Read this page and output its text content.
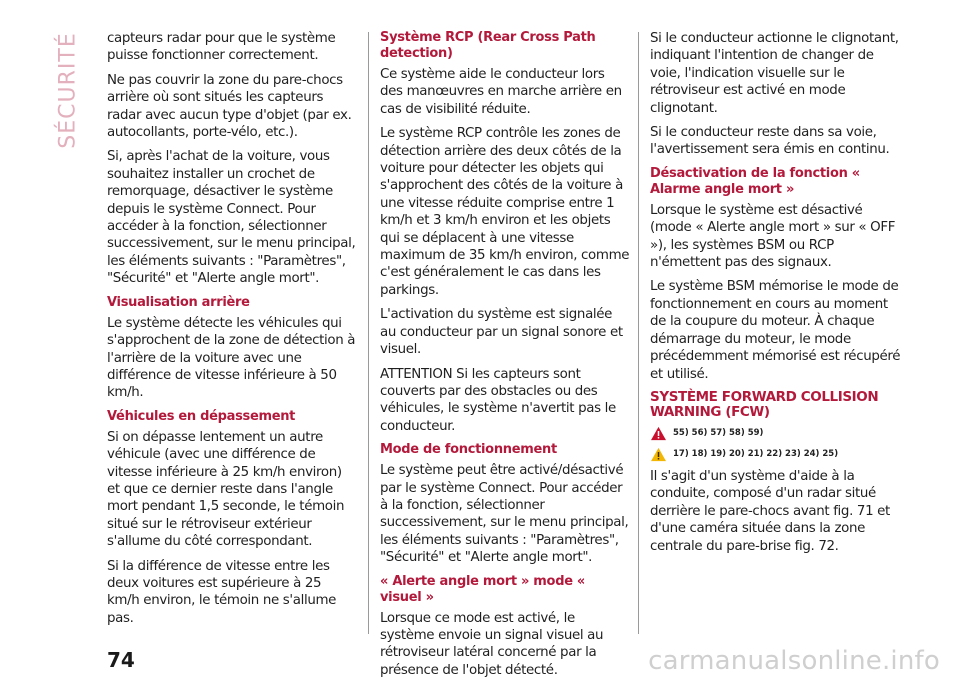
SÉCURITÉ capteurs radar pour que le système puisse fonctionner correctement.

Ne pas couvrir la zone du pare-chocs arrière où sont situés les capteurs radar avec aucun type d'objet (par ex. autocollants, porte-vélo, etc.).

Si, après l'achat de la voiture, vous souhaitez installer un crochet de remorquage, désactiver le système depuis le système Connect. Pour accéder à la fonction, sélectionner successivement, sur le menu principal, les éléments suivants : "Paramètres", "Sécurité" et "Alerte angle mort".

Visualisation arrière

Le système détecte les véhicules qui s'approchent de la zone de détection à l'arrière de la voiture avec une différence de vitesse inférieure à 50 km/h.

Véhicules en dépassement

Si on dépasse lentement un autre véhicule (avec une différence de vitesse inférieure à 25 km/h environ) et que ce dernier reste dans l'angle mort pendant 1,5 seconde, le témoin situé sur le rétroviseur extérieur s'allume du côté correspondant.

Si la différence de vitesse entre les deux voitures est supérieure à 25 km/h environ, le témoin ne s'allume pas.

Système RCP (Rear Cross Path detection)

Ce système aide le conducteur lors des manœuvres en marche arrière en cas de visibilité réduite.

Le système RCP contrôle les zones de détection arrière des deux côtés de la voiture pour détecter les objets qui s'approchent des côtés de la voiture à une vitesse réduite comprise entre 1 km/h et 3 km/h environ et les objets qui se déplacent à une vitesse maximum de 35 km/h environ, comme c'est généralement le cas dans les parkings.

L'activation du système est signalée au conducteur par un signal sonore et visuel.

ATTENTION Si les capteurs sont couverts par des obstacles ou des véhicules, le système n'avertit pas le conducteur.

Mode de fonctionnement

Le système peut être activé/désactivé par le système Connect. Pour accéder à la fonction, sélectionner successivement, sur le menu principal, les éléments suivants : "Paramètres", "Sécurité" et "Alerte angle mort".

« Alerte angle mort » mode « visuel »

Lorsque ce mode est activé, le système envoie un signal visuel au rétroviseur latéral concerné par la présence de l'objet détecté.

Si le conducteur actionne le clignotant, indiquant l'intention de changer de voie, l'indication visuelle sur le rétroviseur est activé en mode clignotant.

Si le conducteur reste dans sa voie, l'avertissement sera émis en continu.

Désactivation de la fonction « Alarme angle mort »

Lorsque le système est désactivé (mode « Alerte angle mort » sur « OFF »), les systèmes BSM ou RCP n'émettent pas des signaux.

Le système BSM mémorise le mode de fonctionnement en cours au moment de la coupure du moteur. À chaque démarrage du moteur, le mode précédemment mémorisé est récupéré et utilisé.

SYSTÈME FORWARD COLLISION WARNING (FCW)
55) 56) 57) 58) 59)
17) 18) 19) 20) 21) 22) 23) 24) 25)

Il s'agit d'un système d'aide à la conduite, composé d'un radar situé derrière le pare-chocs avant fig. 71 et d'une caméra située dans la zone centrale du pare-brise fig. 72.

74	carmanualsonline.info
